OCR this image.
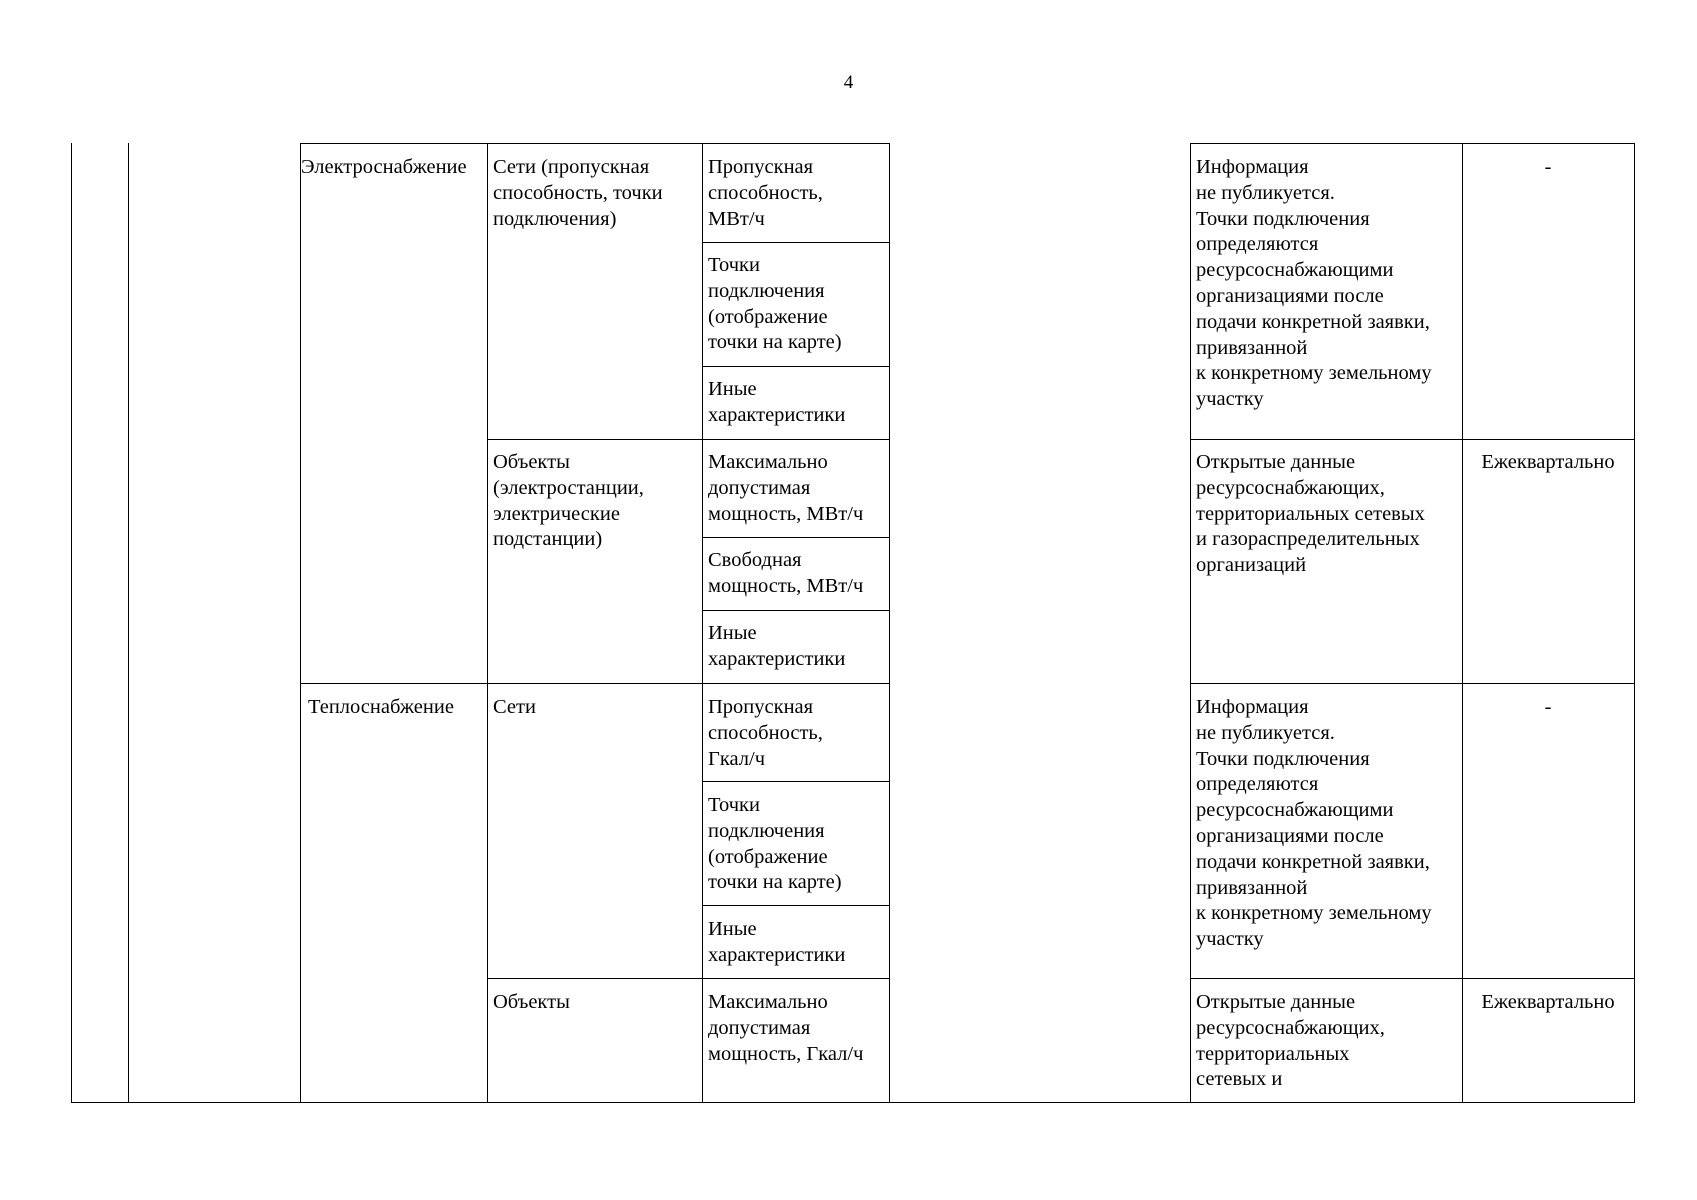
4
Электроснабжение Сети (пропускная
способность, точки
подключения)
Пропускная
способность,
МВт/ч
Точки
подключения
(отображение
точки на карте)
Иные
характеристики
Информация
не публикуется.
Точки подключения
определяются
ресурсоснабжающими
организациями после
подачи конкретной заявки,
привязанной
к конкретному земельному
участку
-
Объекты
(электростанции,
электрические
подстанции)
Максимально
допустимая
мощность, МВт/ч
Свободная
мощность, МВт/ч
Иные
характеристики
Открытые данные
ресурсоснабжающих,
территориальных сетевых
и газораспределительных
организаций
Ежеквартально
Теплоснабжение Сети	Пропускная
способность,
Гкал/ч
Точки
подключения
(отображение
точки на карте)
Иные
характеристики
Информация
не публикуется.
Точки подключения
определяются
ресурсоснабжающими
организациями после
подачи конкретной заявки,
привязанной
к конкретному земельному
участку
-
Объекты	Максимально
допустимая
мощность, Гкал/ч
Открытые данные
ресурсоснабжающих,
территориальных
сетевых и
Ежеквартально
